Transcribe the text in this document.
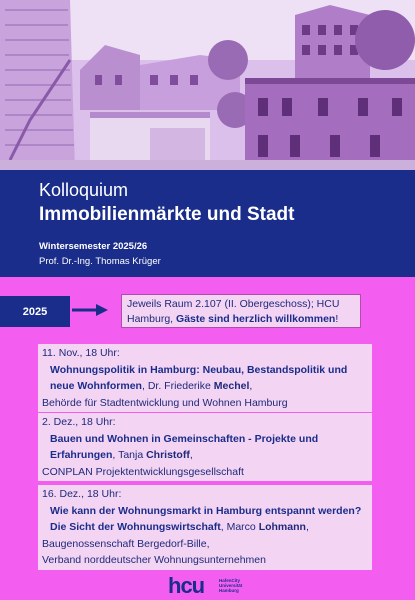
Kolloquium
Immobilienmärkte und Stadt
Wintersemester 2025/26
Prof. Dr.-Ing. Thomas Krüger
2025
Jeweils Raum 2.107 (II. Obergeschoss); HCU Hamburg, Gäste sind herzlich willkommen!
11. Nov., 18 Uhr:
Wohnungspolitik in Hamburg: Neubau, Bestandspolitik und
neue Wohnformen, Dr. Friederike Mechel,
Behörde für Stadtentwicklung und Wohnen Hamburg
2. Dez., 18 Uhr:
Bauen und Wohnen in Gemeinschaften - Projekte und
Erfahrungen, Tanja Christoff,
CONPLAN Projektentwicklungsgesellschaft
16. Dez., 18 Uhr:
Wie kann der Wohnungsmarkt in Hamburg entspannt werden?
Die Sicht der Wohnungswirtschaft, Marco Lohmann,
Baugenossenschaft Bergedorf-Bille,
Verband norddeutscher Wohnungsunternehmen
hcu	HafenCity
Universität
Hamburg
